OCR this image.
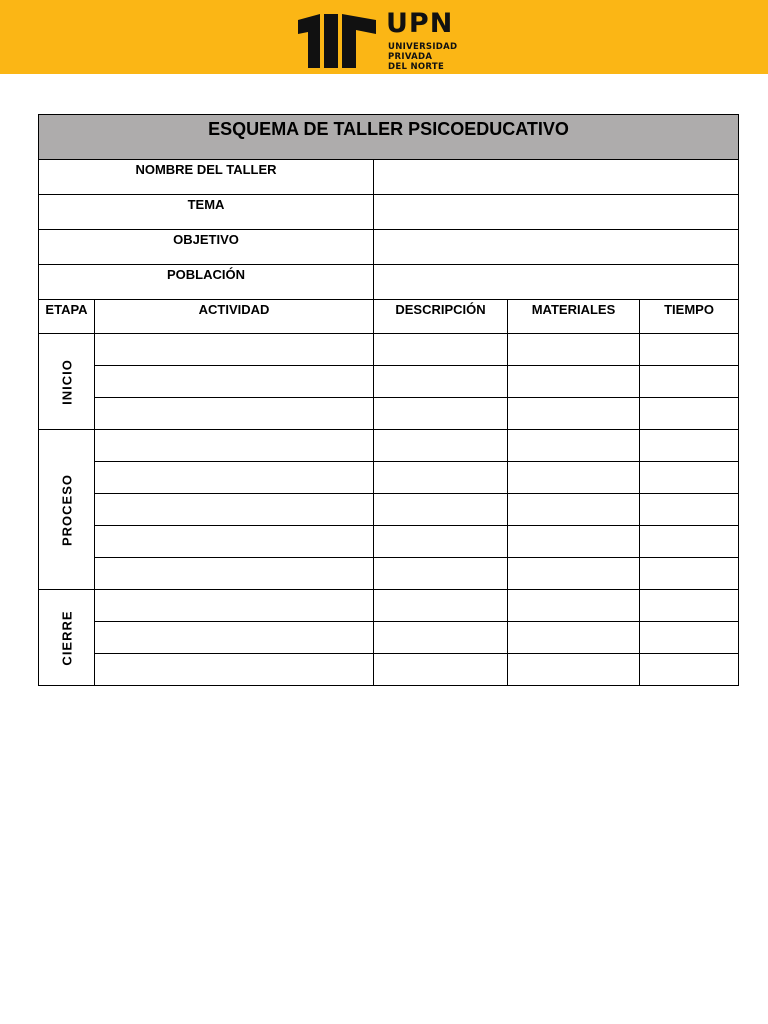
UPN
UNIVERSIDAD
PRIVADA
DEL NORTE
ESQUEMA DE TALLER PSICOEDUCATIVO				
NOMBRE DEL TALLER				
TEMA				
OBJETIVO				
POBLACIÓN				
ETAPA	ACTIVIDAD	DESCRIPCIÓN	MATERIALES	TIEMPO

INICIO				

PROCESO				

CIERRE				
